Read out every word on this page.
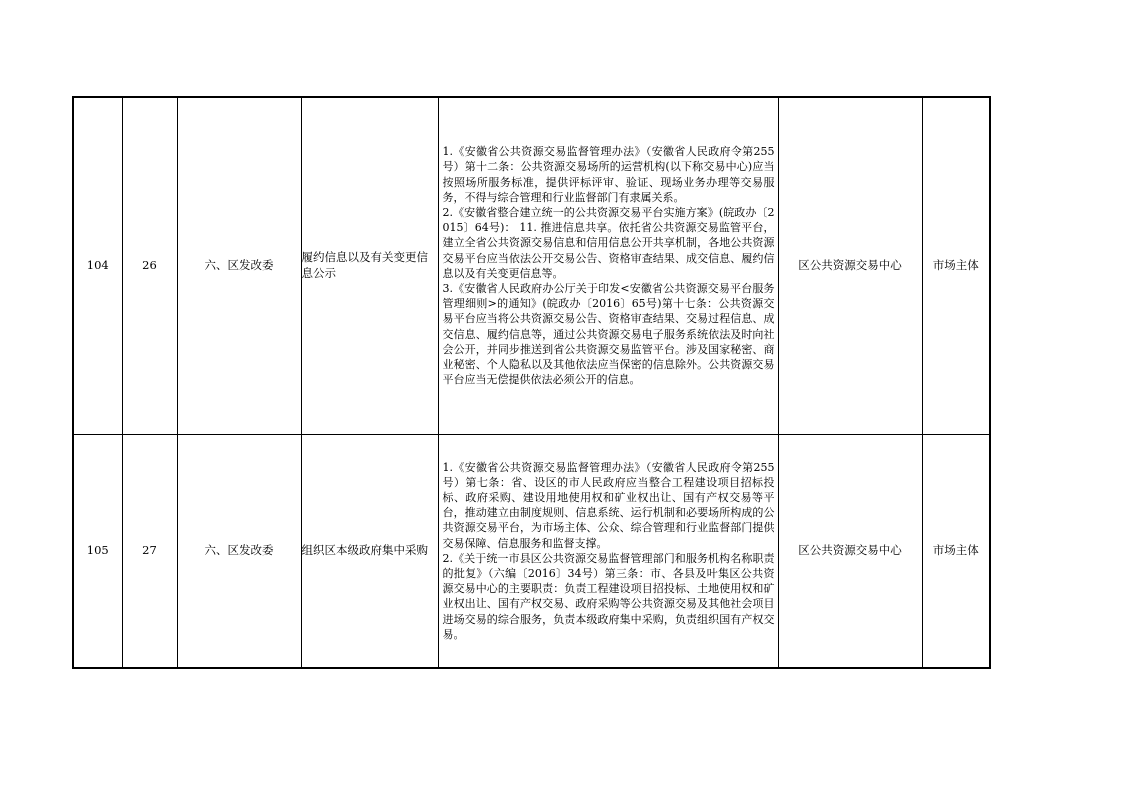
104	26	六、区发改委	履约信息以及有关变更信息公示	1.《安徽省公共资源交易监督管理办法》（安徽省人民政府令第255号）第十二条：公共资源交易场所的运营机构(以下称交易中心)应当按照场所服务标准，提供评标评审、验证、现场业务办理等交易服务，不得与综合管理和行业监督部门有隶属关系。

2.《安徽省整合建立统一的公共资源交易平台实施方案》(皖政办〔2015〕64号)： 11. 推进信息共享。依托省公共资源交易监管平台，建立全省公共资源交易信息和信用信息公开共享机制，各地公共资源交易平台应当依法公开交易公告、资格审查结果、成交信息、履约信息以及有关变更信息等。

3.《安徽省人民政府办公厅关于印发<安徽省公共资源交易平台服务管理细则>的通知》(皖政办〔2016〕65号)第十七条：公共资源交易平台应当将公共资源交易公告、资格审查结果、交易过程信息、成交信息、履约信息等，通过公共资源交易电子服务系统依法及时向社会公开，并同步推送到省公共资源交易监管平台。涉及国家秘密、商业秘密、个人隐私以及其他依法应当保密的信息除外。公共资源交易平台应当无偿提供依法必须公开的信息。	区公共资源交易中心	市场主体
105	27	六、区发改委	组织区本级政府集中采购	1.《安徽省公共资源交易监督管理办法》（安徽省人民政府令第255号）第七条：省、设区的市人民政府应当整合工程建设项目招标投标、政府采购、建设用地使用权和矿业权出让、国有产权交易等平台，推动建立由制度规则、信息系统、运行机制和必要场所构成的公共资源交易平台，为市场主体、公众、综合管理和行业监督部门提供交易保障、信息服务和监督支撑。

2.《关于统一市县区公共资源交易监督管理部门和服务机构名称职责的批复》（六编〔2016〕34号）第三条：市、各县及叶集区公共资源交易中心的主要职责：负责工程建设项目招投标、土地使用权和矿业权出让、国有产权交易、政府采购等公共资源交易及其他社会项目进场交易的综合服务，负责本级政府集中采购，负责组织国有产权交易。	区公共资源交易中心	市场主体
